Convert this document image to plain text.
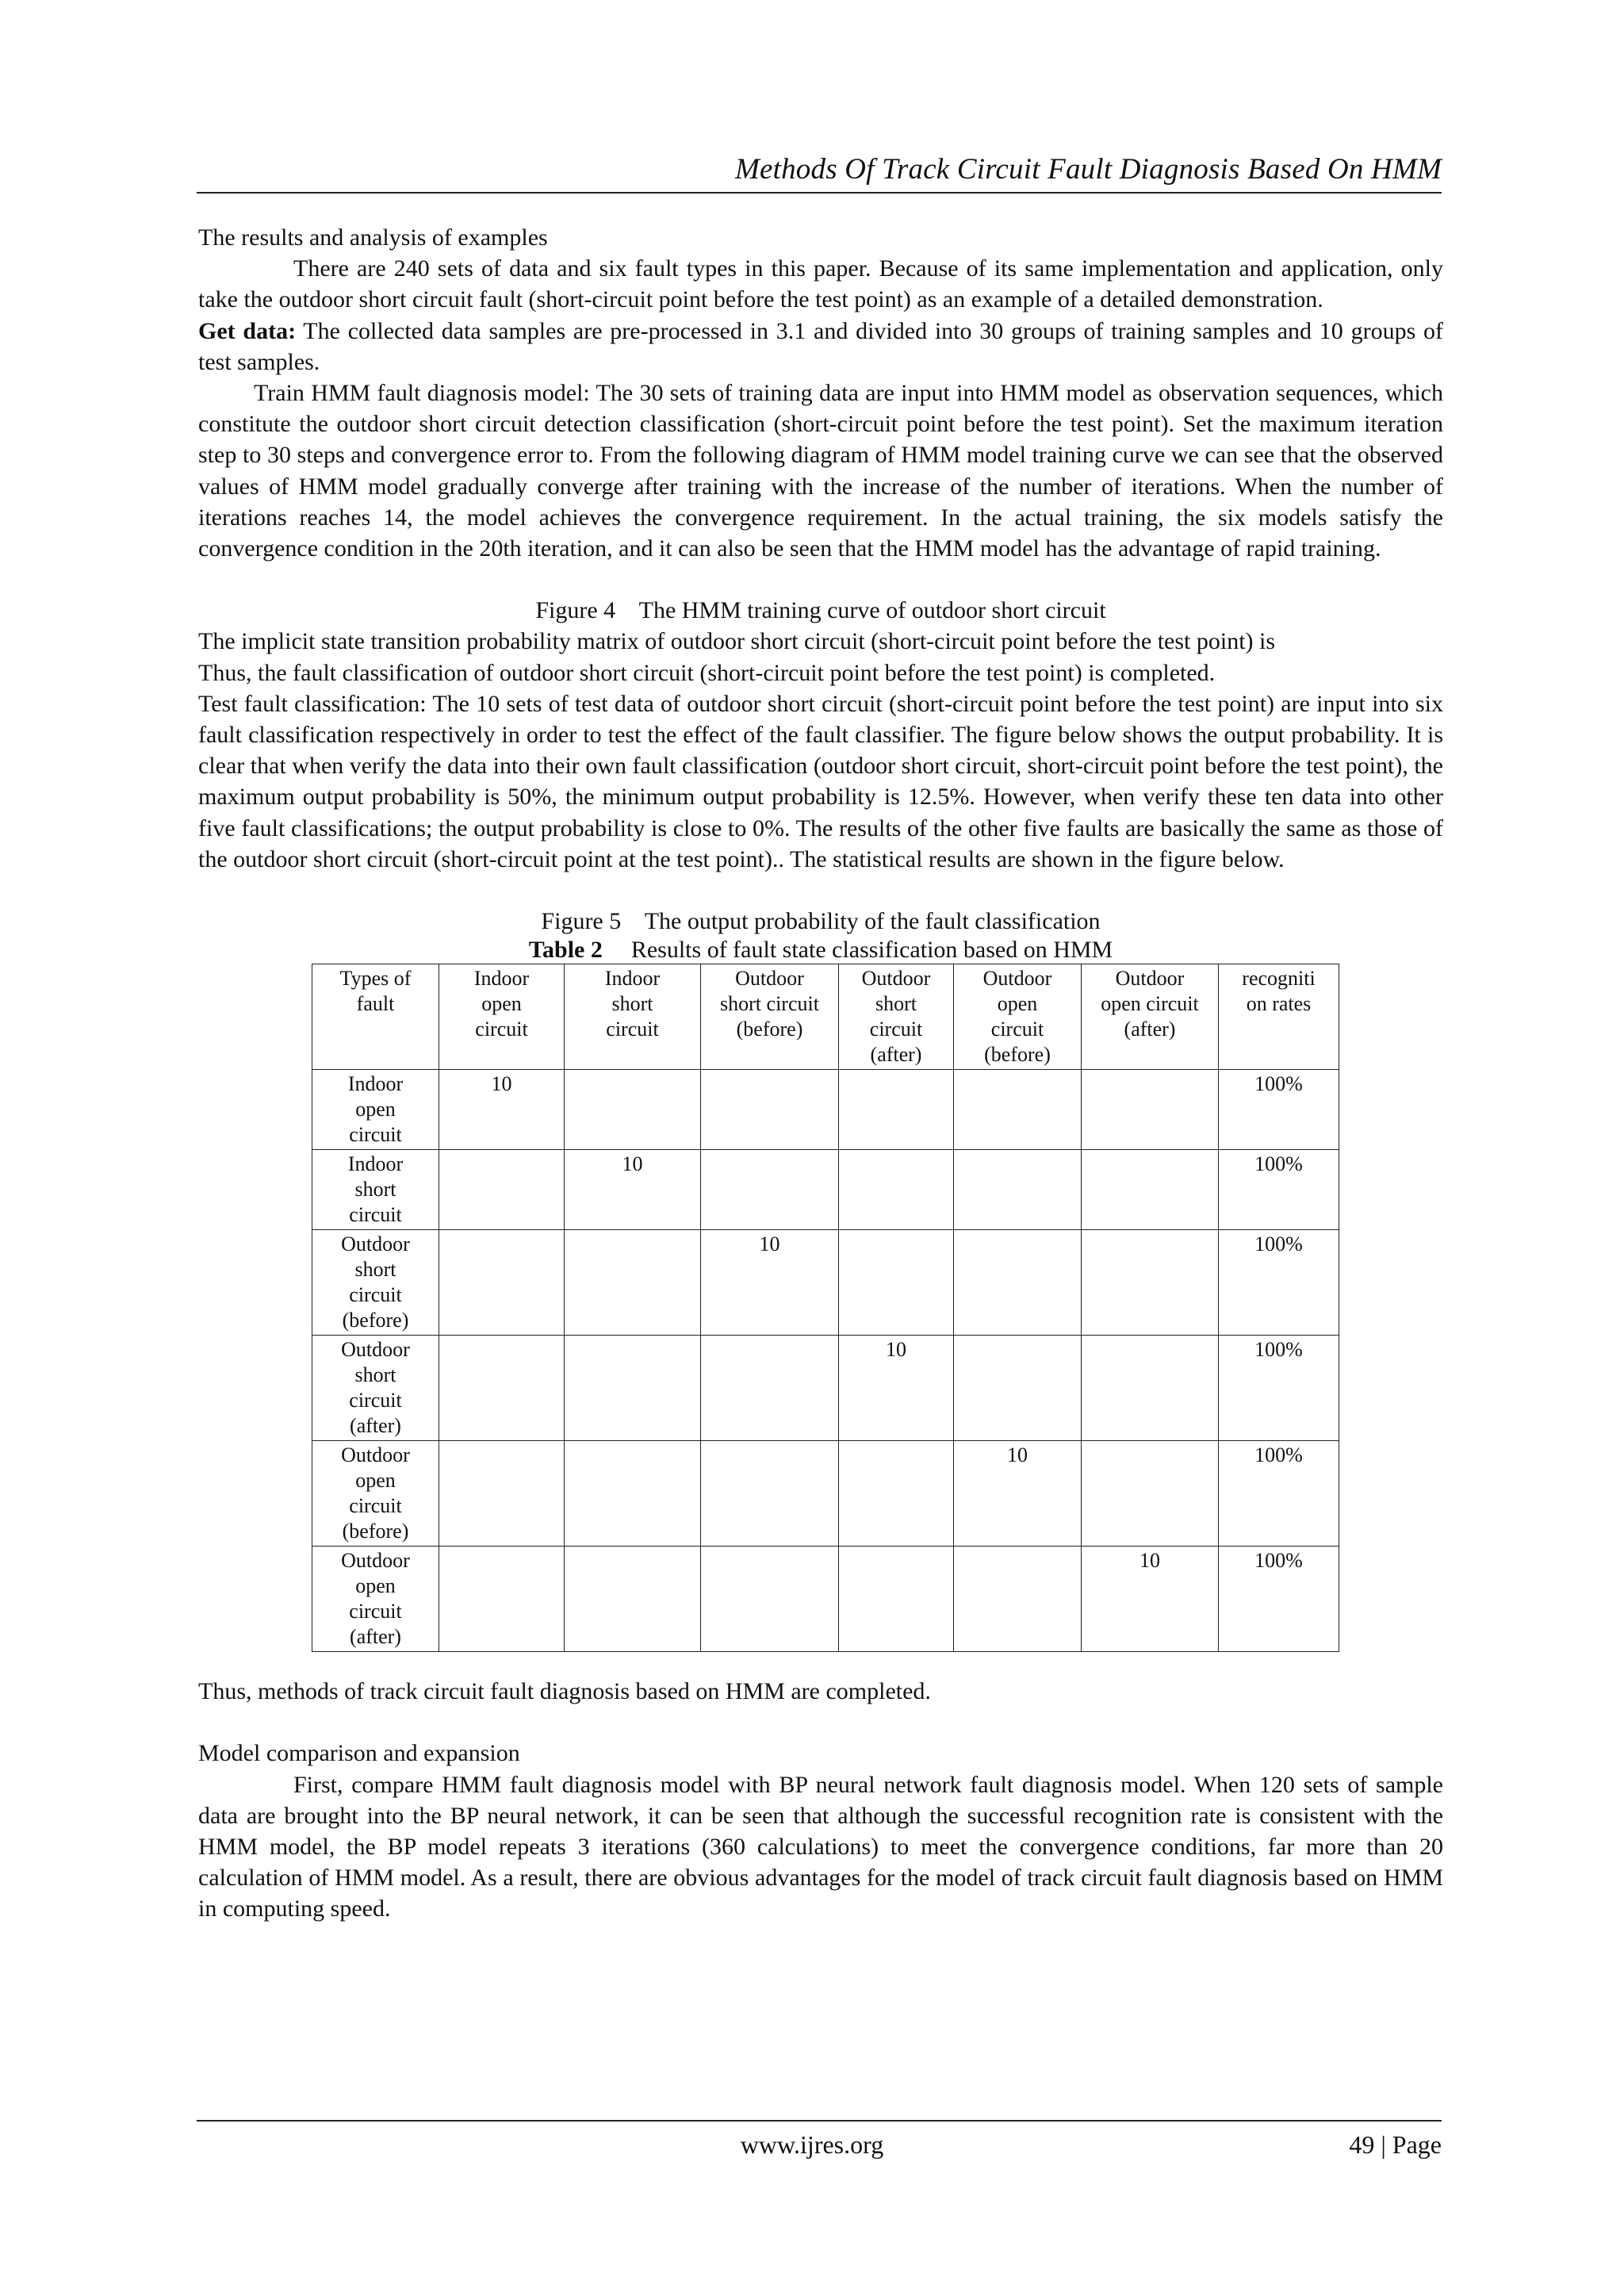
Methods Of Track Circuit Fault Diagnosis Based On HMM

The results and analysis of examples

There are 240 sets of data and six fault types in this paper. Because of its same implementation and application, only take the outdoor short circuit fault (short-circuit point before the test point) as an example of a detailed demonstration.

Get data: The collected data samples are pre-processed in 3.1 and divided into 30 groups of training samples and 10 groups of test samples.

Train HMM fault diagnosis model: The 30 sets of training data are input into HMM model as observation sequences, which constitute the outdoor short circuit detection classification (short-circuit point before the test point). Set the maximum iteration step to 30 steps and convergence error to. From the following diagram of HMM model training curve we can see that the observed values of HMM model gradually converge after training with the increase of the number of iterations. When the number of iterations reaches 14, the model achieves the convergence requirement. In the actual training, the six models satisfy the convergence condition in the 20th iteration, and it can also be seen that the HMM model has the advantage of rapid training.

Figure 4    The HMM training curve of outdoor short circuit

The implicit state transition probability matrix of outdoor short circuit (short-circuit point before the test point) is

Thus, the fault classification of outdoor short circuit (short-circuit point before the test point) is completed.

Test fault classification: The 10 sets of test data of outdoor short circuit (short-circuit point before the test point) are input into six fault classification respectively in order to test the effect of the fault classifier. The figure below shows the output probability. It is clear that when verify the data into their own fault classification (outdoor short circuit, short-circuit point before the test point), the maximum output probability is 50%, the minimum output probability is 12.5%. However, when verify these ten data into other five fault classifications; the output probability is close to 0%. The results of the other five faults are basically the same as those of the outdoor short circuit (short-circuit point at the test point).. The statistical results are shown in the figure below.

Figure 5    The output probability of the fault classification

Table 2 Results of fault state classification based on HMM

Types of
fault	Indoor
open
circuit	Indoor
short
circuit	Outdoor
short circuit
(before)	Outdoor
short
circuit
(after)	Outdoor
open
circuit
(before)	Outdoor
open circuit
(after)	recogniti
on rates
Indoor
open
circuit	10						100%
Indoor
short
circuit		10					100%
Outdoor
short
circuit
(before)			10				100%
Outdoor
short
circuit
(after)				10			100%
Outdoor
open
circuit
(before)					10		100%
Outdoor
open
circuit
(after)						10	100%

Thus, methods of track circuit fault diagnosis based on HMM are completed.

Model comparison and expansion

First, compare HMM fault diagnosis model with BP neural network fault diagnosis model. When 120 sets of sample data are brought into the BP neural network, it can be seen that although the successful recognition rate is consistent with the HMM model, the BP model repeats 3 iterations (360 calculations) to meet the convergence conditions, far more than 20 calculation of HMM model. As a result, there are obvious advantages for the model of track circuit fault diagnosis based on HMM in computing speed.

www.ijres.org	49 | Page
